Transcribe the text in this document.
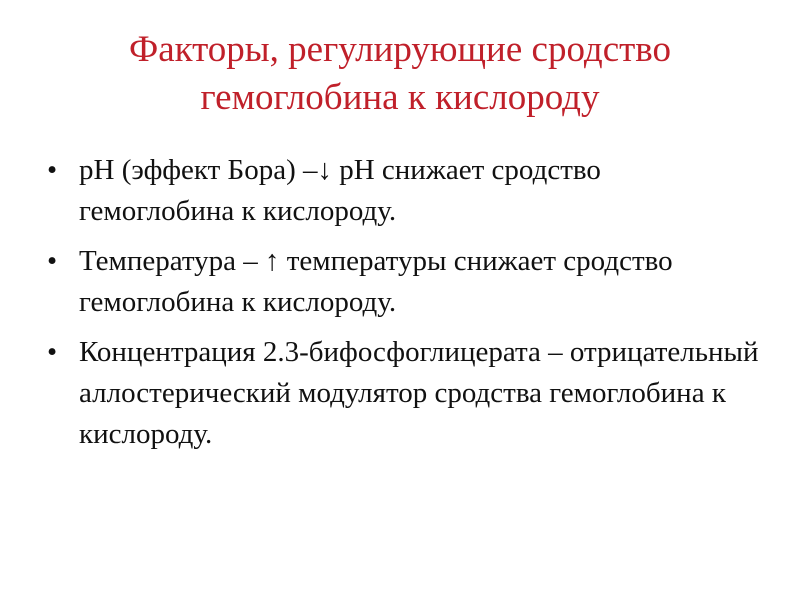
Факторы, регулирующие сродство
гемоглобина к кислороду
• pH (эффект Бора) –↓ pH снижает сродство гемоглобина к кислороду.
• Температура – ↑ температуры снижает сродство гемоглобина к кислороду.
• Концентрация 2.3-бифосфоглицерата – отрицательный аллостерический модулятор сродства гемоглобина к кислороду.
